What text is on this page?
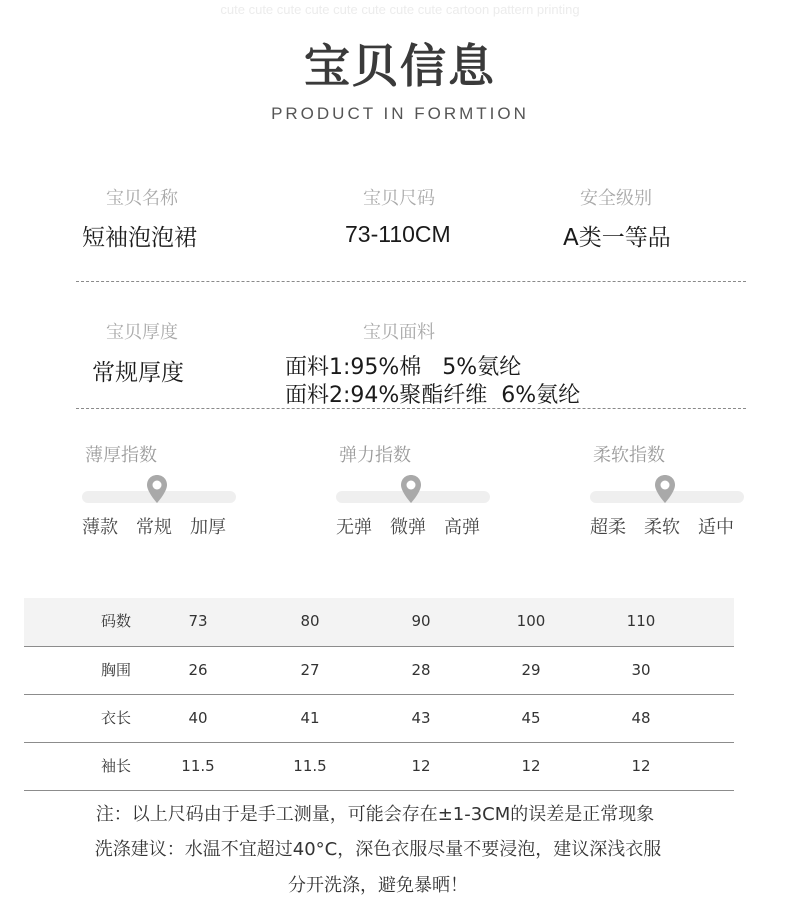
cute cute cute cute cute cute cute cute cartoon pattern printing
宝贝信息
PRODUCT IN FORMTION
宝贝名称
短袖泡泡裙
宝贝尺码
73-110CM
安全级别
A类一等品
宝贝厚度
常规厚度
宝贝面料
面料1:95%棉   5%氨纶
面料2:94%聚酯纤维  6%氨纶
薄厚指数
薄款 常规 加厚
弹力指数
无弹 微弹 高弹
柔软指数
超柔 柔软 适中
码数	73	80	90	100	110
胸围	26	27	28	29	30
衣长	40	41	43	45	48
袖长	11.5	11.5	12	12	12
注：以上尺码由于是手工测量，可能会存在±1-3CM的误差是正常现象
洗涤建议：水温不宜超过40°C，深色衣服尽量不要浸泡，建议深浅衣服
分开洗涤，避免暴晒！
